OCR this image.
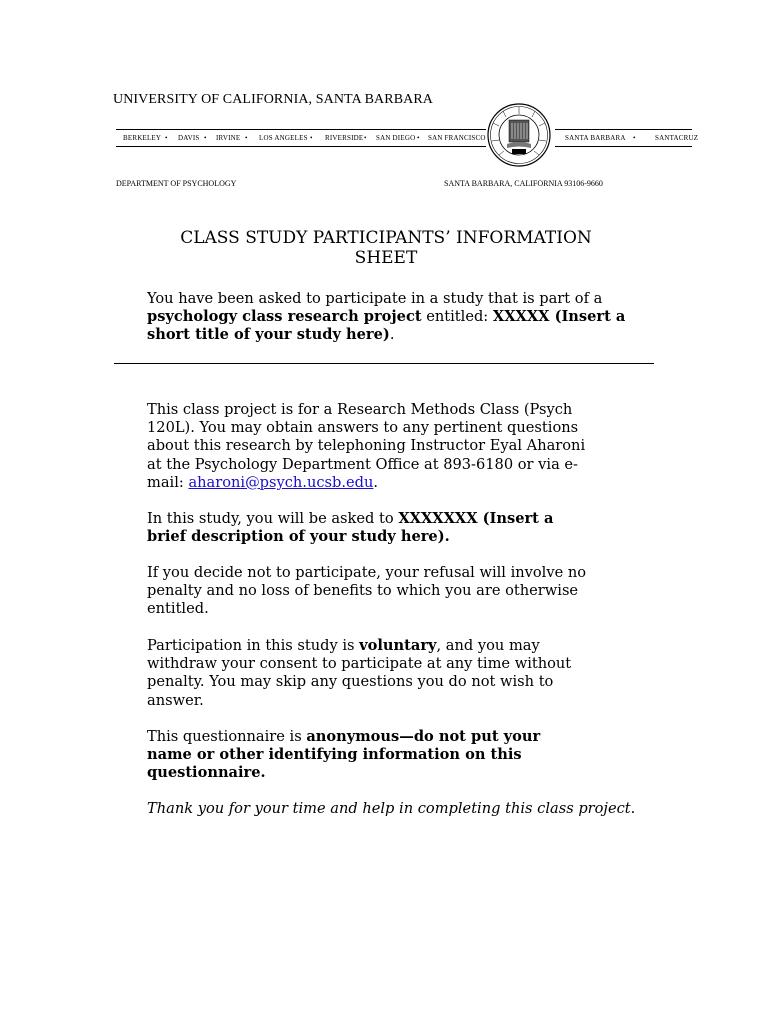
UNIVERSITY OF CALIFORNIA, SANTA BARBARA
BERKELEY • DAVIS • IRVINE • LOS ANGELES • RIVERSIDE • SAN DIEGO • SAN FRANCISCO	SANTA BARBARA •	SANTACRUZ
DEPARTMENT OF PSYCHOLOGY	SANTA BARBARA, CALIFORNIA 93106-9660
CLASS STUDY PARTICIPANTS’ INFORMATION
SHEET
You have been asked to participate in a study that is part of a psychology class research project entitled: XXXXX (Insert a short title of your study here).
This class project is for a Research Methods Class (Psych 120L). You may obtain answers to any pertinent questions about this research by telephoning Instructor Eyal Aharoni at the Psychology Department Office at 893-6180 or via e-mail: aharoni@psych.ucsb.edu.
In this study, you will be asked to XXXXXXX (Insert a brief description of your study here).
If you decide not to participate, your refusal will involve no penalty and no loss of benefits to which you are otherwise entitled.
Participation in this study is voluntary, and you may withdraw your consent to participate at any time without penalty. You may skip any questions you do not wish to answer.
This questionnaire is anonymous—do not put your name or other identifying information on this questionnaire.
Thank you for your time and help in completing this class project.
